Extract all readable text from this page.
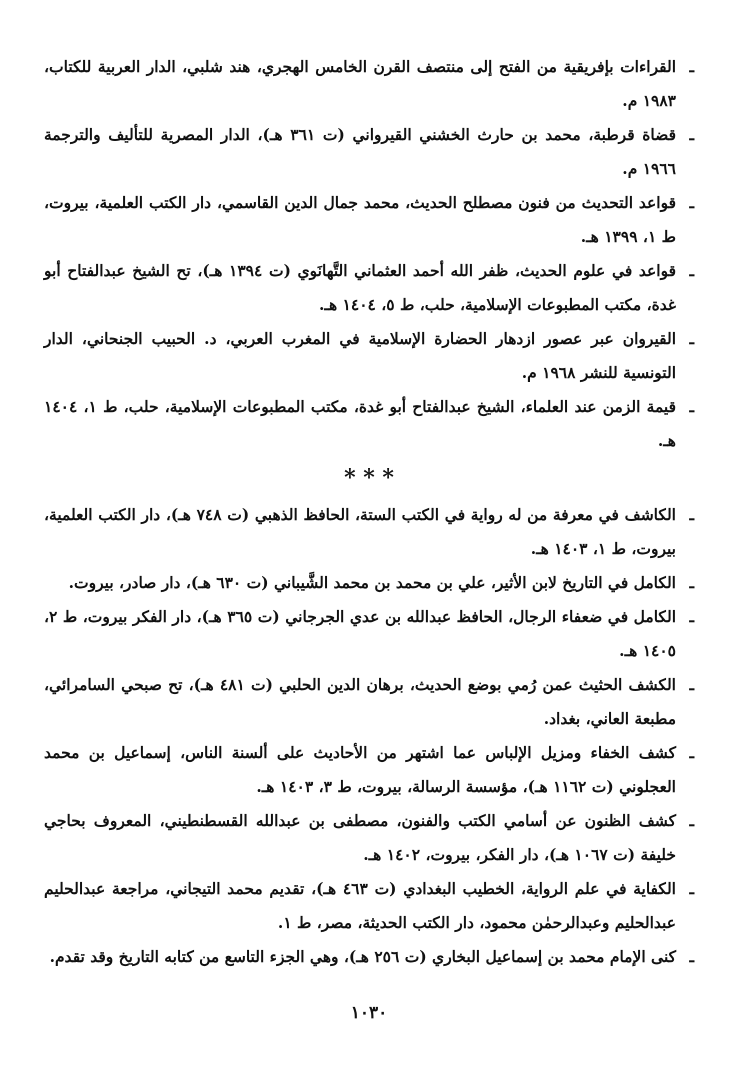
ـ
القراءات بإفريقية من الفتح إلى منتصف القرن الخامس الهجري، هند شلبي، الدار العربية للكتاب، ١٩٨٣ م.
ـ
قضاة قرطبة، محمد بن حارث الخشني القيرواني (ت ٣٦١ هـ)، الدار المصرية للتأليف والترجمة ١٩٦٦ م.
ـ
قواعد التحديث من فنون مصطلح الحديث، محمد جمال الدين القاسمي، دار الكتب العلمية، بيروت، ط ١، ١٣٩٩ هـ.
ـ
قواعد في علوم الحديث، ظفر الله أحمد العثماني التَّهانَوي (ت ١٣٩٤ هـ)، تح الشيخ عبدالفتاح أبو غدة، مكتب المطبوعات الإسلامية، حلب، ط ٥، ١٤٠٤ هـ.
ـ
القيروان عبر عصور ازدهار الحضارة الإسلامية في المغرب العربي، د. الحبيب الجنحاني، الدار التونسية للنشر ١٩٦٨ م.
ـ
قيمة الزمن عند العلماء، الشيخ عبدالفتاح أبو غدة، مكتب المطبوعات الإسلامية، حلب، ط ١، ١٤٠٤ هـ.
* * *
ـ
الكاشف في معرفة من له رواية في الكتب الستة، الحافظ الذهبي (ت ٧٤٨ هـ)، دار الكتب العلمية، بيروت، ط ١، ١٤٠٣ هـ.
ـ
الكامل في التاريخ لابن الأثير، علي بن محمد بن محمد الشَّيباني (ت ٦٣٠ هـ)، دار صادر، بيروت.
ـ
الكامل في ضعفاء الرجال، الحافظ عبدالله بن عدي الجرجاني (ت ٣٦٥ هـ)، دار الفكر بيروت، ط ٢، ١٤٠٥ هـ.
ـ
الكشف الحثيث عمن رُمي بوضع الحديث، برهان الدين الحلبي (ت ٤٨١ هـ)، تح صبحي السامرائي، مطبعة العاني، بغداد.
ـ
كشف الخفاء ومزيل الإلباس عما اشتهر من الأحاديث على ألسنة الناس، إسماعيل بن محمد العجلوني (ت ١١٦٢ هـ)، مؤسسة الرسالة، بيروت، ط ٣، ١٤٠٣ هـ.
ـ
كشف الظنون عن أسامي الكتب والفنون، مصطفى بن عبدالله القسطنطيني، المعروف بحاجي خليفة (ت ١٠٦٧ هـ)، دار الفكر، بيروت، ١٤٠٢ هـ.
ـ
الكفاية في علم الرواية، الخطيب البغدادي (ت ٤٦٣ هـ)، تقديم محمد التيجاني، مراجعة عبدالحليم عبدالحليم وعبدالرحمٰن محمود، دار الكتب الحديثة، مصر، ط ١.
ـ
كنى الإمام محمد بن إسماعيل البخاري (ت ٢٥٦ هـ)، وهي الجزء التاسع من كتابه التاريخ وقد تقدم.
١٠٣٠
